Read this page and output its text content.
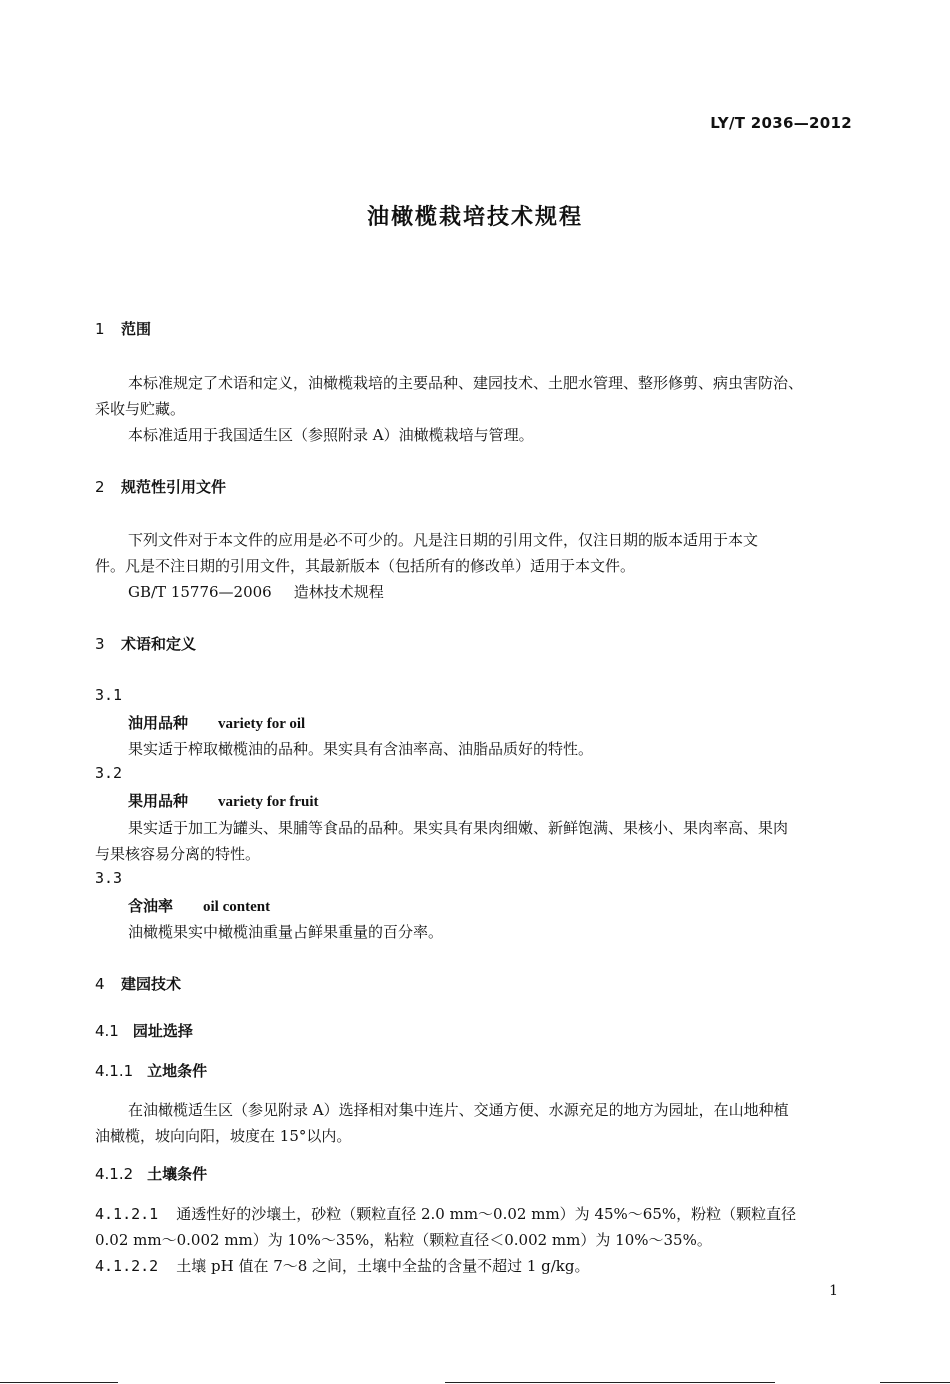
LY/T 2036—2012
油橄榄栽培技术规程
1 范围
本标准规定了术语和定义，油橄榄栽培的主要品种、建园技术、土肥水管理、整形修剪、病虫害防治、
采收与贮藏。
本标准适用于我国适生区（参照附录 A）油橄榄栽培与管理。
2 规范性引用文件
下列文件对于本文件的应用是必不可少的。凡是注日期的引用文件，仅注日期的版本适用于本文
件。凡是不注日期的引用文件，其最新版本（包括所有的修改单）适用于本文件。
GB/T 15776—2006 造林技术规程
3 术语和定义
3.1
油用品种 variety for oil
果实适于榨取橄榄油的品种。果实具有含油率高、油脂品质好的特性。
3.2
果用品种 variety for fruit
果实适于加工为罐头、果脯等食品的品种。果实具有果肉细嫩、新鲜饱满、果核小、果肉率高、果肉
与果核容易分离的特性。
3.3
含油率 oil content
油橄榄果实中橄榄油重量占鲜果重量的百分率。
4 建园技术
4.1 园址选择
4.1.1 立地条件
在油橄榄适生区（参见附录 A）选择相对集中连片、交通方便、水源充足的地方为园址，在山地种植
油橄榄，坡向向阳，坡度在 15°以内。
4.1.2 土壤条件
4.1.2.1 通透性好的沙壤土，砂粒（颗粒直径 2.0 mm～0.02 mm）为 45%～65%，粉粒（颗粒直径
0.02 mm～0.002 mm）为 10%～35%，粘粒（颗粒直径＜0.002 mm）为 10%～35%。
4.1.2.2 土壤 pH 值在 7～8 之间，土壤中全盐的含量不超过 1 g/kg。
1
